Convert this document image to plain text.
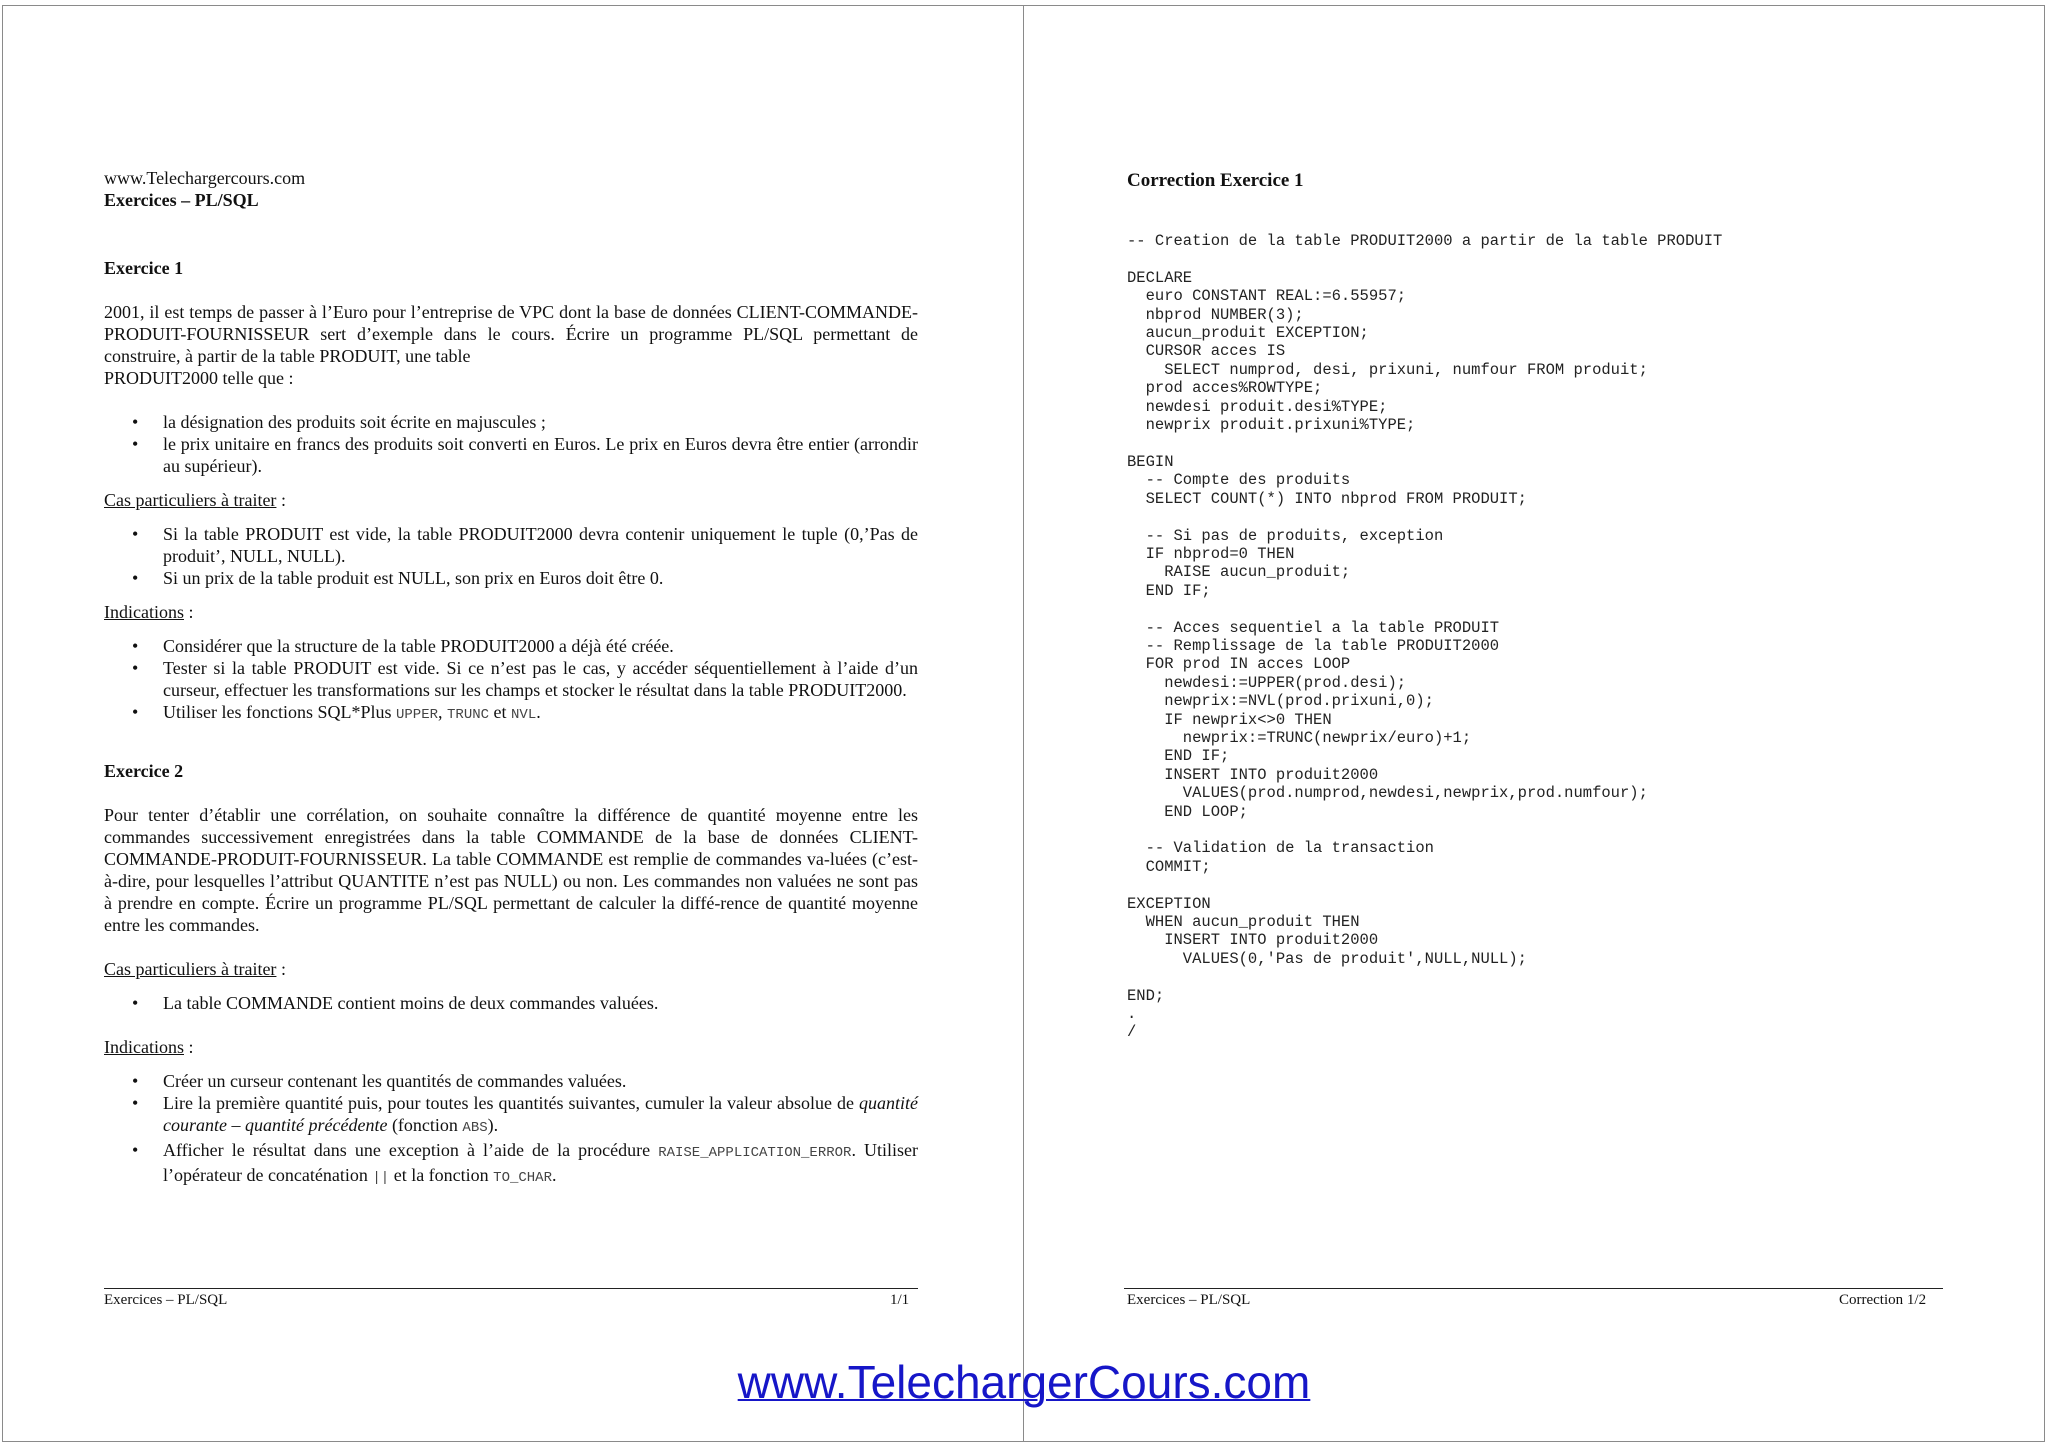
www.Telechargercours.com

Exercices – PL/SQL

Exercice 1

2001, il est temps de passer à l’Euro pour l’entreprise de VPC dont la base de données CLIENT-COMMANDE-PRODUIT-FOURNISSEUR sert d’exemple dans le cours. Écrire un programme PL/SQL permettant de construire, à partir de la table PRODUIT, une table

PRODUIT2000 telle que :

• la désignation des produits soit écrite en majuscules ;
• le prix unitaire en francs des produits soit converti en Euros. Le prix en Euros devra être entier (arrondir au supérieur).

Cas particuliers à traiter :

• Si la table PRODUIT est vide, la table PRODUIT2000 devra contenir uniquement le tuple (0,’Pas de produit’, NULL, NULL).
• Si un prix de la table produit est NULL, son prix en Euros doit être 0.

Indications :

• Considérer que la structure de la table PRODUIT2000 a déjà été créée.
• Tester si la table PRODUIT est vide. Si ce n’est pas le cas, y accéder séquentiellement à l’aide d’un curseur, effectuer les transformations sur les champs et stocker le résultat dans la table PRODUIT2000.
• Utiliser les fonctions SQL*Plus UPPER, TRUNC et NVL.

Exercice 2

Pour tenter d’établir une corrélation, on souhaite connaître la différence de quantité moyenne entre les commandes successivement enregistrées dans la table COMMANDE de la base de données CLIENT-COMMANDE-PRODUIT-FOURNISSEUR. La table COMMANDE est remplie de commandes va-luées (c’est-à-dire, pour lesquelles l’attribut QUANTITE n’est pas NULL) ou non. Les commandes non valuées ne sont pas à prendre en compte. Écrire un programme PL/SQL permettant de calculer la diffé-rence de quantité moyenne entre les commandes.

Cas particuliers à traiter :

• La table COMMANDE contient moins de deux commandes valuées.

Indications :

• Créer un curseur contenant les quantités de commandes valuées.
• Lire la première quantité puis, pour toutes les quantités suivantes, cumuler la valeur absolue de quantité courante – quantité précédente (fonction ABS).
• Afficher le résultat dans une exception à l’aide de la procédure RAISE_APPLICATION_ERROR. Utiliser l’opérateur de concaténation || et la fonction TO_CHAR.
Exercices – PL/SQL	1/1

Correction Exercice 1

-- Creation de la table PRODUIT2000 a partir de la table PRODUIT

DECLARE
euro CONSTANT REAL:=6.55957;
nbprod NUMBER(3);
aucun_produit EXCEPTION;
CURSOR acces IS
SELECT numprod, desi, prixuni, numfour FROM produit;
prod acces%ROWTYPE;
newdesi produit.desi%TYPE;
newprix produit.prixuni%TYPE;

BEGIN
-- Compte des produits
SELECT COUNT(*) INTO nbprod FROM PRODUIT;

-- Si pas de produits, exception
IF nbprod=0 THEN
RAISE aucun_produit;
END IF;

-- Acces sequentiel a la table PRODUIT
-- Remplissage de la table PRODUIT2000
FOR prod IN acces LOOP
newdesi:=UPPER(prod.desi);
newprix:=NVL(prod.prixuni,0);
IF newprix<>0 THEN
newprix:=TRUNC(newprix/euro)+1;
END IF;
INSERT INTO produit2000
VALUES(prod.numprod,newdesi,newprix,prod.numfour);
END LOOP;

-- Validation de la transaction
COMMIT;

EXCEPTION
WHEN aucun_produit THEN
INSERT INTO produit2000
VALUES(0,'Pas de produit',NULL,NULL);

END;
.
/
Exercices – PL/SQL	Correction 1/2
www.TelechargerCours.com
